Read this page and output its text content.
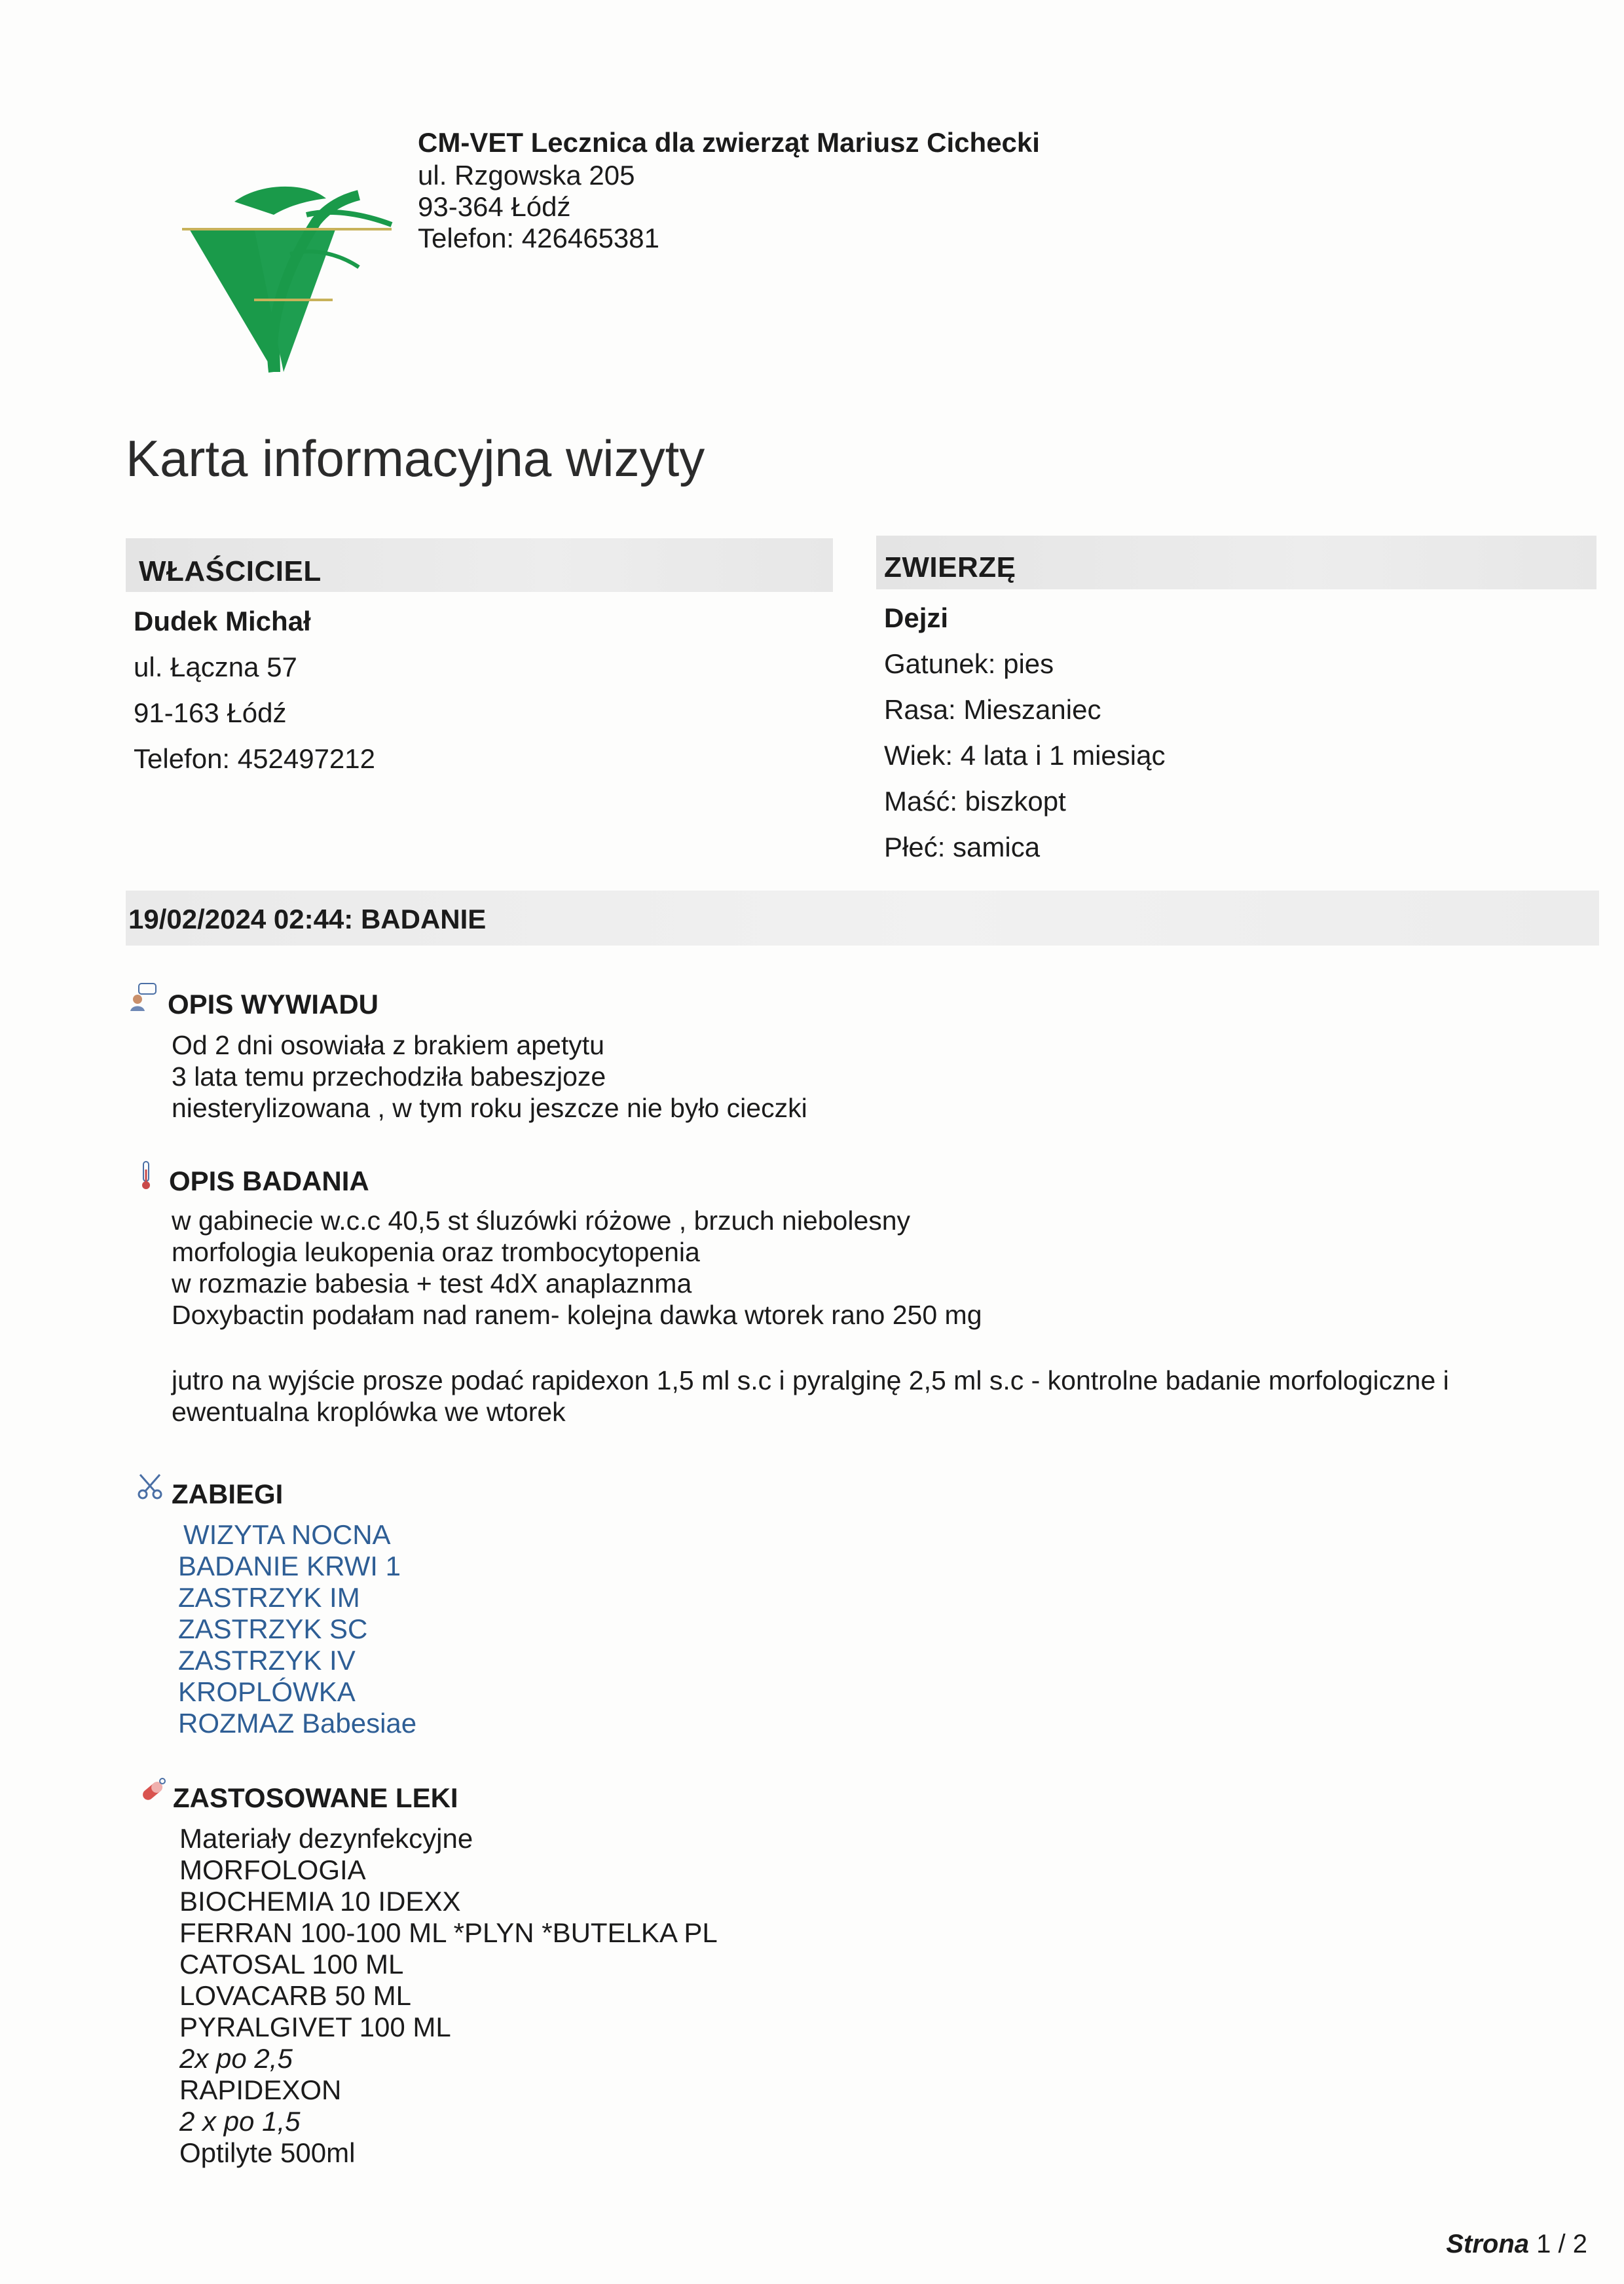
CM-VET Lecznica dla zwierząt Mariusz Cichecki
ul. Rzgowska 205
93-364 Łódź
Telefon: 426465381
Karta informacyjna wizyty
WŁAŚCICIEL	ZWIERZĘ
Dudek Michał
ul. Łączna 57
91-163 Łódź
Telefon: 452497212
Dejzi
Gatunek: pies
Rasa: Mieszaniec
Wiek: 4 lata i 1 miesiąc
Maść: biszkopt
Płeć: samica
19/02/2024 02:44: BADANIE
OPIS WYWIADU
Od 2 dni osowiała z brakiem apetytu
3 lata temu przechodziła babeszjoze
niesterylizowana , w tym roku jeszcze nie było cieczki
OPIS BADANIA
w gabinecie w.c.c 40,5 st śluzówki różowe , brzuch niebolesny
morfologia leukopenia oraz trombocytopenia
w rozmazie babesia + test 4dX anaplaznma
Doxybactin podałam nad ranem- kolejna dawka wtorek rano 250 mg
jutro na wyjście prosze podać rapidexon 1,5 ml s.c i pyralginę 2,5 ml s.c - kontrolne badanie morfologiczne i
ewentualna kroplówka we wtorek
ZABIEGI
WIZYTA NOCNA
BADANIE KRWI 1
ZASTRZYK IM
ZASTRZYK SC
ZASTRZYK IV
KROPLÓWKA
ROZMAZ Babesiae
ZASTOSOWANE LEKI
Materiały dezynfekcyjne
MORFOLOGIA
BIOCHEMIA 10 IDEXX
FERRAN 100-100 ML *PLYN *BUTELKA PL
CATOSAL 100 ML
LOVACARB 50 ML
PYRALGIVET 100 ML
2x po 2,5
RAPIDEXON
2 x po 1,5
Optilyte 500ml
Strona 1 / 2
